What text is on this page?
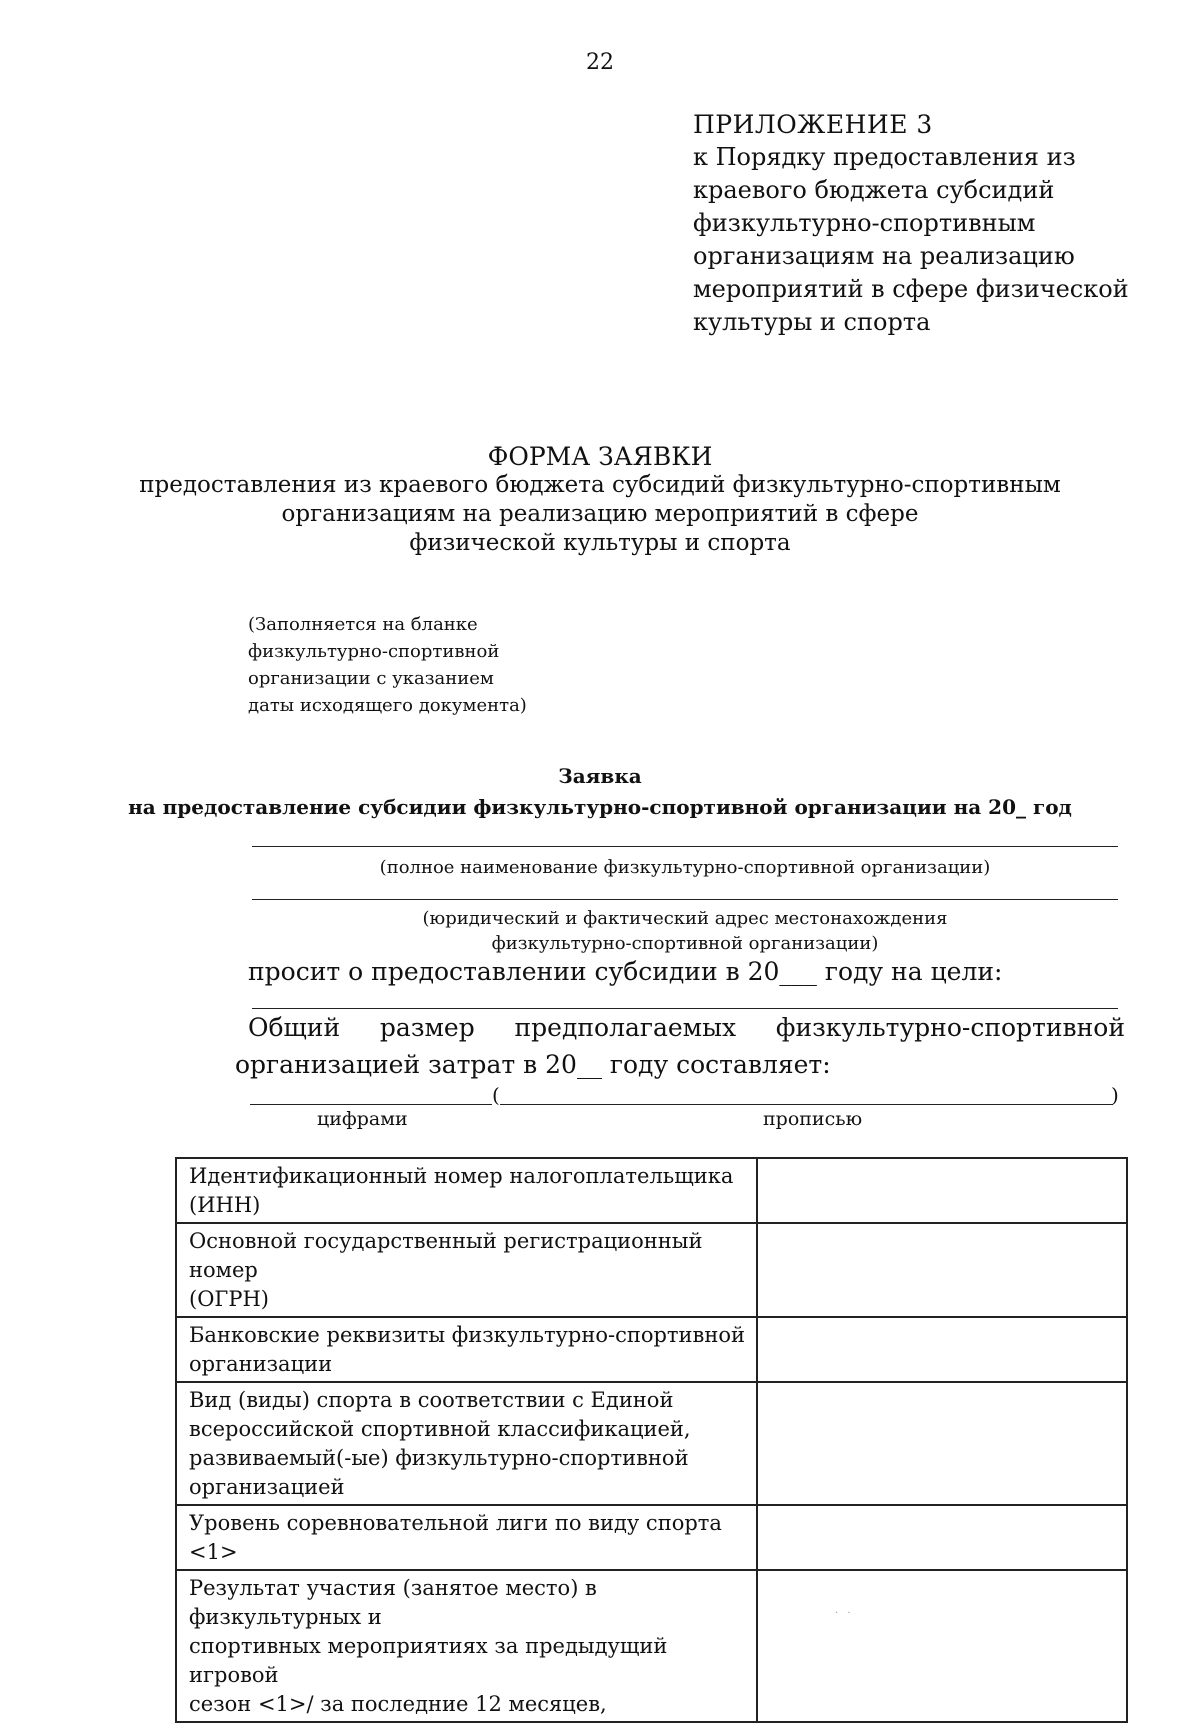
22
ПРИЛОЖЕНИЕ 3
к Порядку предоставления из
краевого бюджета субсидий
физкультурно-спортивным
организациям на реализацию
мероприятий в сфере физической
культуры и спорта
ФОРМА ЗАЯВКИ
предоставления из краевого бюджета субсидий физкультурно-спортивным
организациям на реализацию мероприятий в сфере
физической культуры и спорта
(Заполняется на бланке
физкультурно-спортивной
организации с указанием
даты исходящего документа)
Заявка
на предоставление субсидии физкультурно-спортивной организации на 20_ год
(полное наименование физкультурно-спортивной организации)
(юридический и фактический адрес местонахождения
физкультурно-спортивной организации)
просит о предоставлении субсидии в 20___ году на цели:
Общий размер предполагаемых физкультурно-спортивной
организацией затрат в 20__ году составляет:
(	)
цифрами	прописью
Идентификационный номер налогоплательщика
(ИНН)	

Основной государственный регистрационный номер
(ОГРН)	

Банковские реквизиты физкультурно-спортивной
организации	

Вид (виды) спорта в соответствии с Единой
всероссийской спортивной классификацией,
развиваемый(-ые) физкультурно-спортивной
организацией	

Уровень соревновательной лиги по виду спорта <1>	

Результат участия (занятое место) в физкультурных и
спортивных мероприятиях за предыдущий игровой
сезон <1>/ за последние 12 месяцев,	

· ·
